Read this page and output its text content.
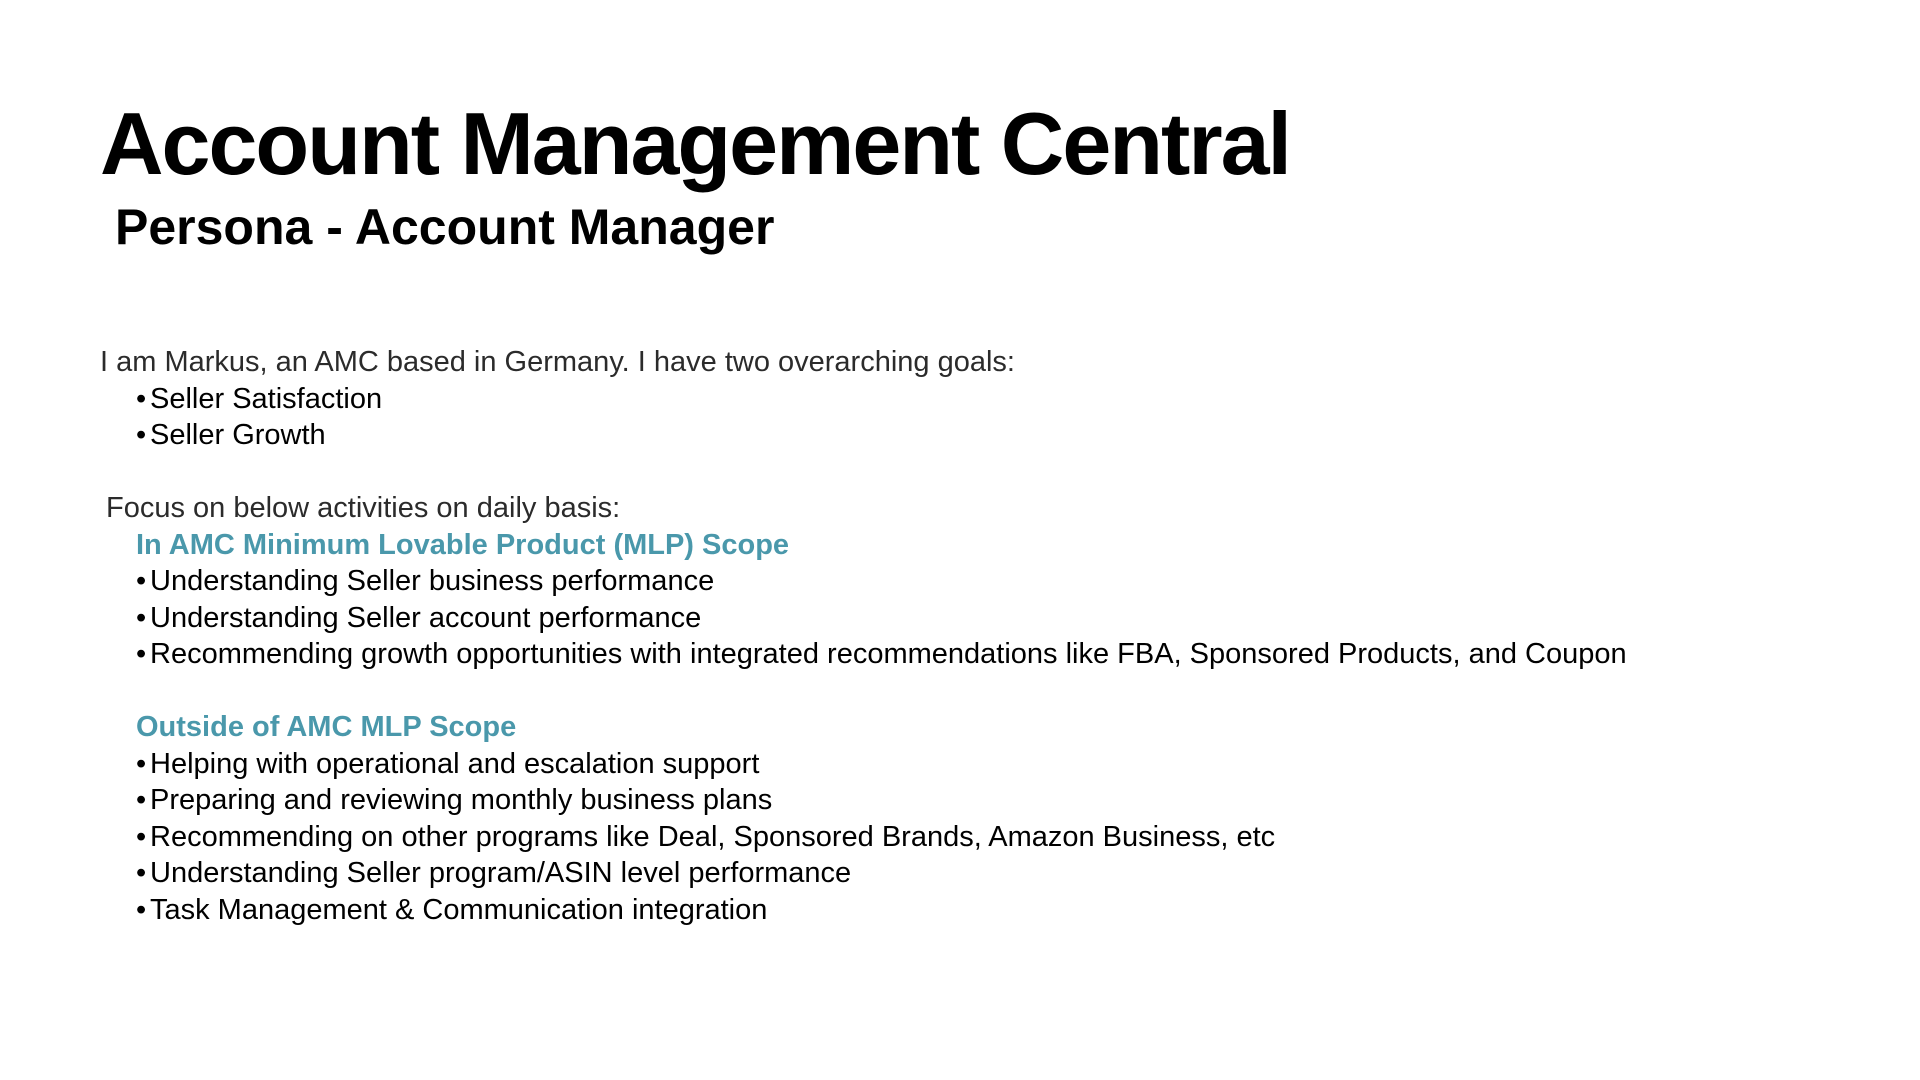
Account Management Central
Persona - Account Manager
I am Markus, an AMC based in Germany. I have two overarching goals:
• Seller Satisfaction
• Seller Growth
Focus on below activities on daily basis:
In AMC Minimum Lovable Product (MLP) Scope
• Understanding Seller business performance
• Understanding Seller account performance
• Recommending growth opportunities with integrated recommendations like FBA, Sponsored Products, and Coupon
Outside of AMC MLP Scope
• Helping with operational and escalation support
• Preparing and reviewing monthly business plans
• Recommending on other programs like Deal, Sponsored Brands, Amazon Business, etc
• Understanding Seller program/ASIN level performance
• Task Management & Communication integration
